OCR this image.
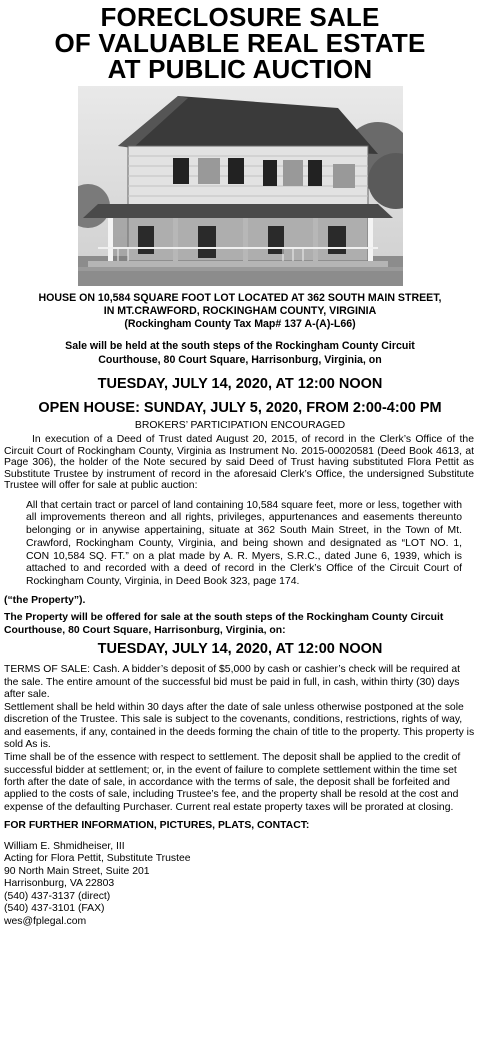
FORECLOSURE SALE
OF VALUABLE REAL ESTATE
AT PUBLIC AUCTION
HOUSE ON 10,584 SQUARE FOOT LOT LOCATED AT 362 SOUTH MAIN STREET,
IN MT.CRAWFORD, ROCKINGHAM COUNTY, VIRGINIA
(Rockingham County Tax Map# 137 A-(A)-L66)
Sale will be held at the south steps of the Rockingham County Circuit
Courthouse, 80 Court Square, Harrisonburg, Virginia, on
TUESDAY, JULY 14, 2020, AT 12:00 NOON
OPEN HOUSE: SUNDAY, JULY 5, 2020, FROM 2:00-4:00 PM
BROKERS’ PARTICIPATION ENCOURAGED

In execution of a Deed of Trust dated August 20, 2015, of record in the Clerk’s Office of the Circuit Court of Rockingham County, Virginia as Instrument No. 2015-00020581 (Deed Book 4613, at Page 306), the holder of the Note secured by said Deed of Trust having substituted Flora Pettit as Substitute Trustee by instrument of record in the aforesaid Clerk’s Office, the undersigned Substitute Trustee will offer for sale at public auction:

All that certain tract or parcel of land containing 10,584 square feet, more or less, together with all improvements thereon and all rights, privileges, appurtenances and easements thereunto belonging or in anywise appertaining, situate at 362 South Main Street, in the Town of Mt. Crawford, Rockingham County, Virginia, and being shown and designated as “LOT NO. 1, CON 10,584 SQ. FT.” on a plat made by A. R. Myers, S.R.C., dated June 6, 1939, which is attached to and recorded with a deed of record in the Clerk’s Office of the Circuit Court of Rockingham County, Virginia, in Deed Book 323, page 174.

(“the Property”).

The Property will be offered for sale at the south steps of the Rockingham County Circuit Courthouse, 80 Court Square, Harrisonburg, Virginia, on:

TUESDAY, JULY 14, 2020, AT 12:00 NOON

TERMS OF SALE: Cash. A bidder’s deposit of $5,000 by cash or cashier’s check will be required at the sale. The entire amount of the successful bid must be paid in full, in cash, within thirty (30) days after sale.

Settlement shall be held within 30 days after the date of sale unless otherwise postponed at the sole discretion of the Trustee. This sale is subject to the covenants, conditions, restrictions, rights of way, and easements, if any, contained in the deeds forming the chain of title to the property. This property is sold As is.

Time shall be of the essence with respect to settlement. The deposit shall be applied to the credit of successful bidder at settlement; or, in the event of failure to complete settlement within the time set forth after the date of sale, in accordance with the terms of sale, the deposit shall be forfeited and applied to the costs of sale, including Trustee’s fee, and the property shall be resold at the cost and expense of the defaulting Purchaser. Current real estate property taxes will be prorated at closing.

FOR FURTHER INFORMATION, PICTURES, PLATS, CONTACT:

William E. Shmidheiser, III
Acting for Flora Pettit, Substitute Trustee
90 North Main Street, Suite 201
Harrisonburg, VA 22803
(540) 437-3137 (direct)
(540) 437-3101 (FAX)
wes@fplegal.com
